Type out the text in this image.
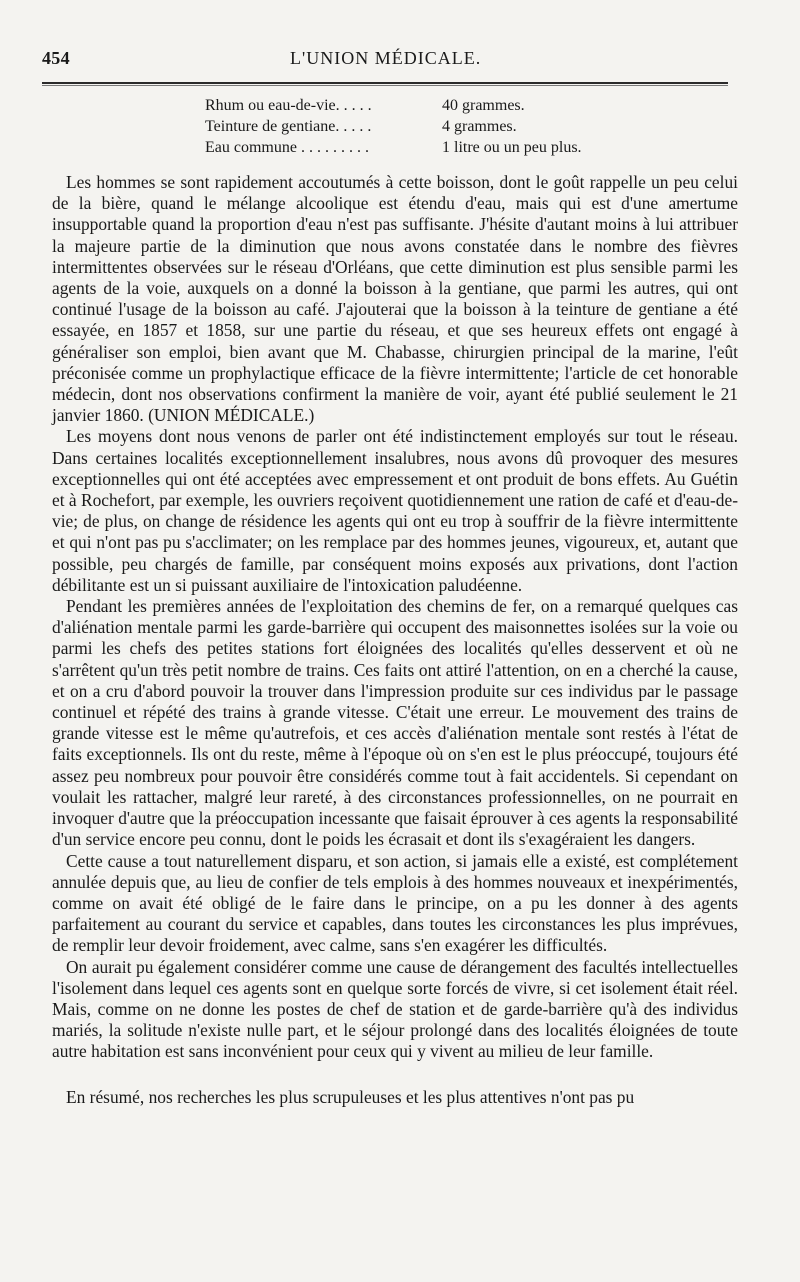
454	L'UNION MÉDICALE.
Rhum ou eau-de-vie. . . . .	40 grammes.
Teinture de gentiane. . . . .	4 grammes.
Eau commune . . . . . . . . .	1 litre ou un peu plus.

Les hommes se sont rapidement accoutumés à cette boisson, dont le goût rappelle un peu celui de la bière, quand le mélange alcoolique est étendu d'eau, mais qui est d'une amertume insupportable quand la proportion d'eau n'est pas suffisante. J'hésite d'autant moins à lui attribuer la majeure partie de la diminution que nous avons constatée dans le nombre des fièvres intermittentes observées sur le réseau d'Orléans, que cette diminution est plus sensible parmi les agents de la voie, auxquels on a donné la boisson à la gentiane, que parmi les autres, qui ont continué l'usage de la boisson au café. J'ajouterai que la boisson à la teinture de gentiane a été essayée, en 1857 et 1858, sur une partie du réseau, et que ses heureux effets ont engagé à généraliser son emploi, bien avant que M. Chabasse, chirurgien principal de la marine, l'eût préconisée comme un prophylactique efficace de la fièvre intermittente; l'article de cet honorable médecin, dont nos observations confirment la manière de voir, ayant été publié seulement le 21 janvier 1860. (UNION MÉDICALE.)

Les moyens dont nous venons de parler ont été indistinctement employés sur tout le réseau. Dans certaines localités exceptionnellement insalubres, nous avons dû provoquer des mesures exceptionnelles qui ont été acceptées avec empressement et ont produit de bons effets. Au Guétin et à Rochefort, par exemple, les ouvriers reçoivent quotidiennement une ration de café et d'eau-de-vie; de plus, on change de résidence les agents qui ont eu trop à souffrir de la fièvre intermittente et qui n'ont pas pu s'acclimater; on les remplace par des hommes jeunes, vigoureux, et, autant que possible, peu chargés de famille, par conséquent moins exposés aux privations, dont l'action débilitante est un si puissant auxiliaire de l'intoxication paludéenne.

Pendant les premières années de l'exploitation des chemins de fer, on a remarqué quelques cas d'aliénation mentale parmi les garde-barrière qui occupent des maisonnettes isolées sur la voie ou parmi les chefs des petites stations fort éloignées des localités qu'elles desservent et où ne s'arrêtent qu'un très petit nombre de trains. Ces faits ont attiré l'attention, on en a cherché la cause, et on a cru d'abord pouvoir la trouver dans l'impression produite sur ces individus par le passage continuel et répété des trains à grande vitesse. C'était une erreur. Le mouvement des trains de grande vitesse est le même qu'autrefois, et ces accès d'aliénation mentale sont restés à l'état de faits exceptionnels. Ils ont du reste, même à l'époque où on s'en est le plus préoccupé, toujours été assez peu nombreux pour pouvoir être considérés comme tout à fait accidentels. Si cependant on voulait les rattacher, malgré leur rareté, à des circonstances professionnelles, on ne pourrait en invoquer d'autre que la préoccupation incessante que faisait éprouver à ces agents la responsabilité d'un service encore peu connu, dont le poids les écrasait et dont ils s'exagéraient les dangers.

Cette cause a tout naturellement disparu, et son action, si jamais elle a existé, est complétement annulée depuis que, au lieu de confier de tels emplois à des hommes nouveaux et inexpérimentés, comme on avait été obligé de le faire dans le principe, on a pu les donner à des agents parfaitement au courant du service et capables, dans toutes les circonstances les plus imprévues, de remplir leur devoir froidement, avec calme, sans s'en exagérer les difficultés.

On aurait pu également considérer comme une cause de dérangement des facultés intellectuelles l'isolement dans lequel ces agents sont en quelque sorte forcés de vivre, si cet isolement était réel. Mais, comme on ne donne les postes de chef de station et de garde-barrière qu'à des individus mariés, la solitude n'existe nulle part, et le séjour prolongé dans des localités éloignées de toute autre habitation est sans inconvénient pour ceux qui y vivent au milieu de leur famille.

En résumé, nos recherches les plus scrupuleuses et les plus attentives n'ont pas pu
